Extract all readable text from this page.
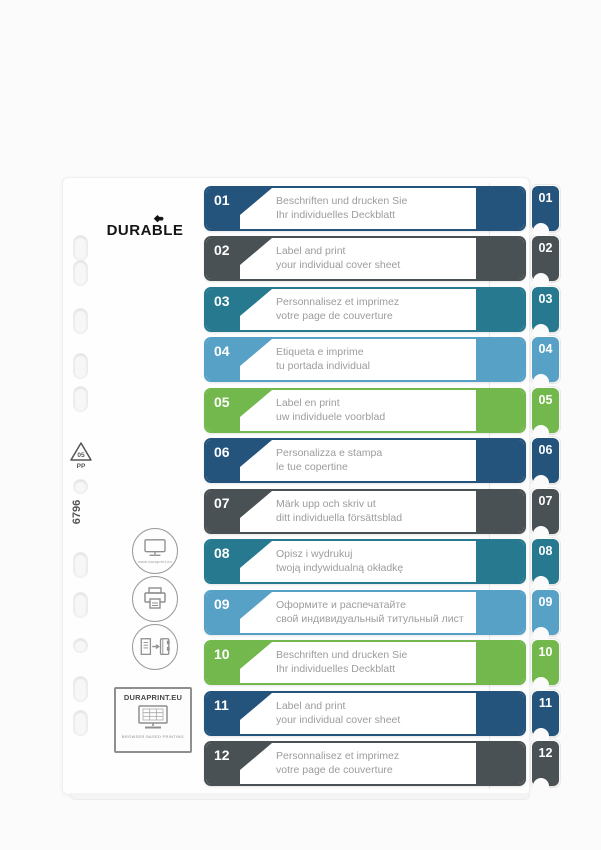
◆›››
DURABLE
05
PP
6796
www.duraprint.eu
DURAPRINT.EU
BROWSER BASED PRINTING
01	Beschriften und drucken Sie
Ihr individuelles Deckblatt
01
02	Label and print
your individual cover sheet
02
03	Personnalisez et imprimez
votre page de couverture
03
04	Etiqueta e imprime
tu portada individual
04
05	Label en print
uw individuele voorblad
05
06	Personalizza e stampa
le tue copertine
06
07	Märk upp och skriv ut
ditt individuella försättsblad
07
08	Opisz i wydrukuj
twoją indywidualną okładkę
08
09	Оформите и распечатайте
свой индивидуальный титульный лист
09
10	Beschriften und drucken Sie
Ihr individuelles Deckblatt
10
11	Label and print
your individual cover sheet
11
12	Personnalisez et imprimez
votre page de couverture
12
